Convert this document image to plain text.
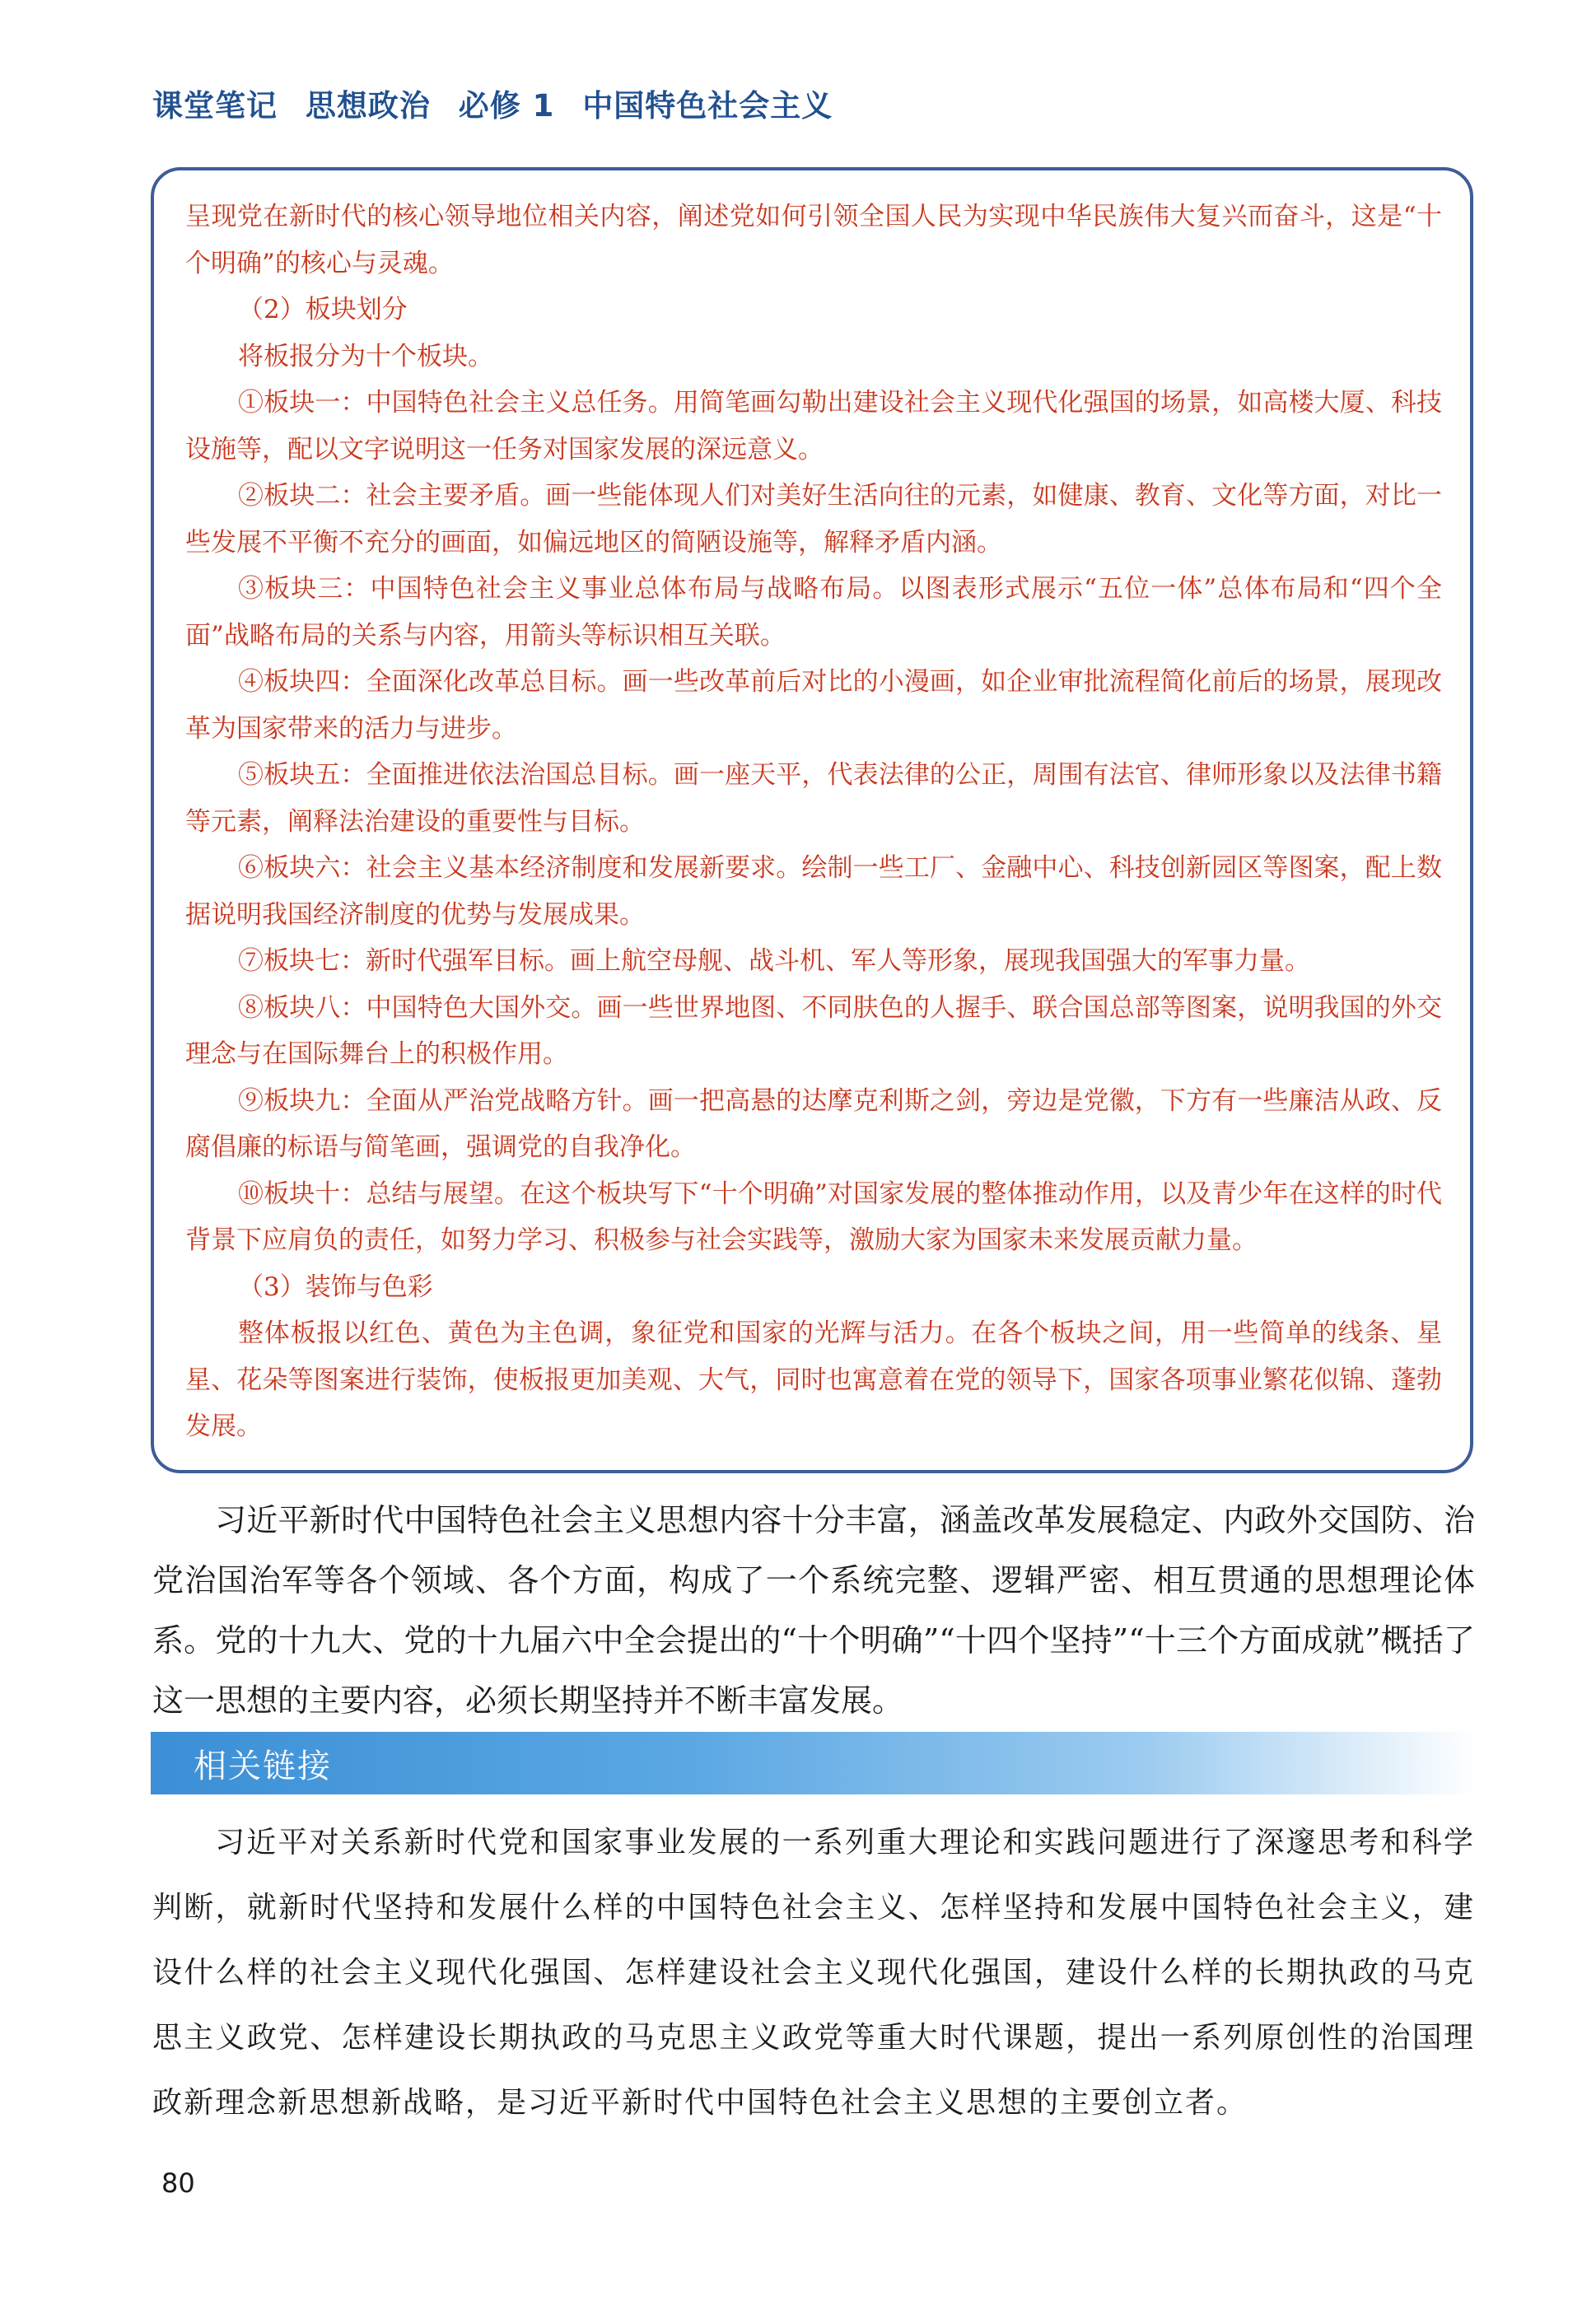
课堂笔记 思想政治 必修 1 中国特色社会主义

呈现党在新时代的核心领导地位相关内容，阐述党如何引领全国人民为实现中华民族伟大复兴而奋斗，这是“十个明确”的核心与灵魂。

（2）板块划分

将板报分为十个板块。

①板块一：中国特色社会主义总任务。用简笔画勾勒出建设社会主义现代化强国的场景，如高楼大厦、科技设施等，配以文字说明这一任务对国家发展的深远意义。

②板块二：社会主要矛盾。画一些能体现人们对美好生活向往的元素，如健康、教育、文化等方面，对比一些发展不平衡不充分的画面，如偏远地区的简陋设施等，解释矛盾内涵。

③板块三：中国特色社会主义事业总体布局与战略布局。以图表形式展示“五位一体”总体布局和“四个全面”战略布局的关系与内容，用箭头等标识相互关联。

④板块四：全面深化改革总目标。画一些改革前后对比的小漫画，如企业审批流程简化前后的场景，展现改革为国家带来的活力与进步。

⑤板块五：全面推进依法治国总目标。画一座天平，代表法律的公正，周围有法官、律师形象以及法律书籍等元素，阐释法治建设的重要性与目标。

⑥板块六：社会主义基本经济制度和发展新要求。绘制一些工厂、金融中心、科技创新园区等图案，配上数据说明我国经济制度的优势与发展成果。

⑦板块七：新时代强军目标。画上航空母舰、战斗机、军人等形象，展现我国强大的军事力量。

⑧板块八：中国特色大国外交。画一些世界地图、不同肤色的人握手、联合国总部等图案，说明我国的外交理念与在国际舞台上的积极作用。

⑨板块九：全面从严治党战略方针。画一把高悬的达摩克利斯之剑，旁边是党徽，下方有一些廉洁从政、反腐倡廉的标语与简笔画，强调党的自我净化。

⑩板块十：总结与展望。在这个板块写下“十个明确”对国家发展的整体推动作用，以及青少年在这样的时代背景下应肩负的责任，如努力学习、积极参与社会实践等，激励大家为国家未来发展贡献力量。

（3）装饰与色彩

整体板报以红色、黄色为主色调，象征党和国家的光辉与活力。在各个板块之间，用一些简单的线条、星星、花朵等图案进行装饰，使板报更加美观、大气，同时也寓意着在党的领导下，国家各项事业繁花似锦、蓬勃发展。

习近平新时代中国特色社会主义思想内容十分丰富，涵盖改革发展稳定、内政外交国防、治党治国治军等各个领域、各个方面，构成了一个系统完整、逻辑严密、相互贯通的思想理论体系。党的十九大、党的十九届六中全会提出的“十个明确”“十四个坚持”“十三个方面成就”概括了这一思想的主要内容，必须长期坚持并不断丰富发展。

相关链接

习近平对关系新时代党和国家事业发展的一系列重大理论和实践问题进行了深邃思考和科学判断，就新时代坚持和发展什么样的中国特色社会主义、怎样坚持和发展中国特色社会主义，建设什么样的社会主义现代化强国、怎样建设社会主义现代化强国，建设什么样的长期执政的马克思主义政党、怎样建设长期执政的马克思主义政党等重大时代课题，提出一系列原创性的治国理政新理念新思想新战略，是习近平新时代中国特色社会主义思想的主要创立者。

80
